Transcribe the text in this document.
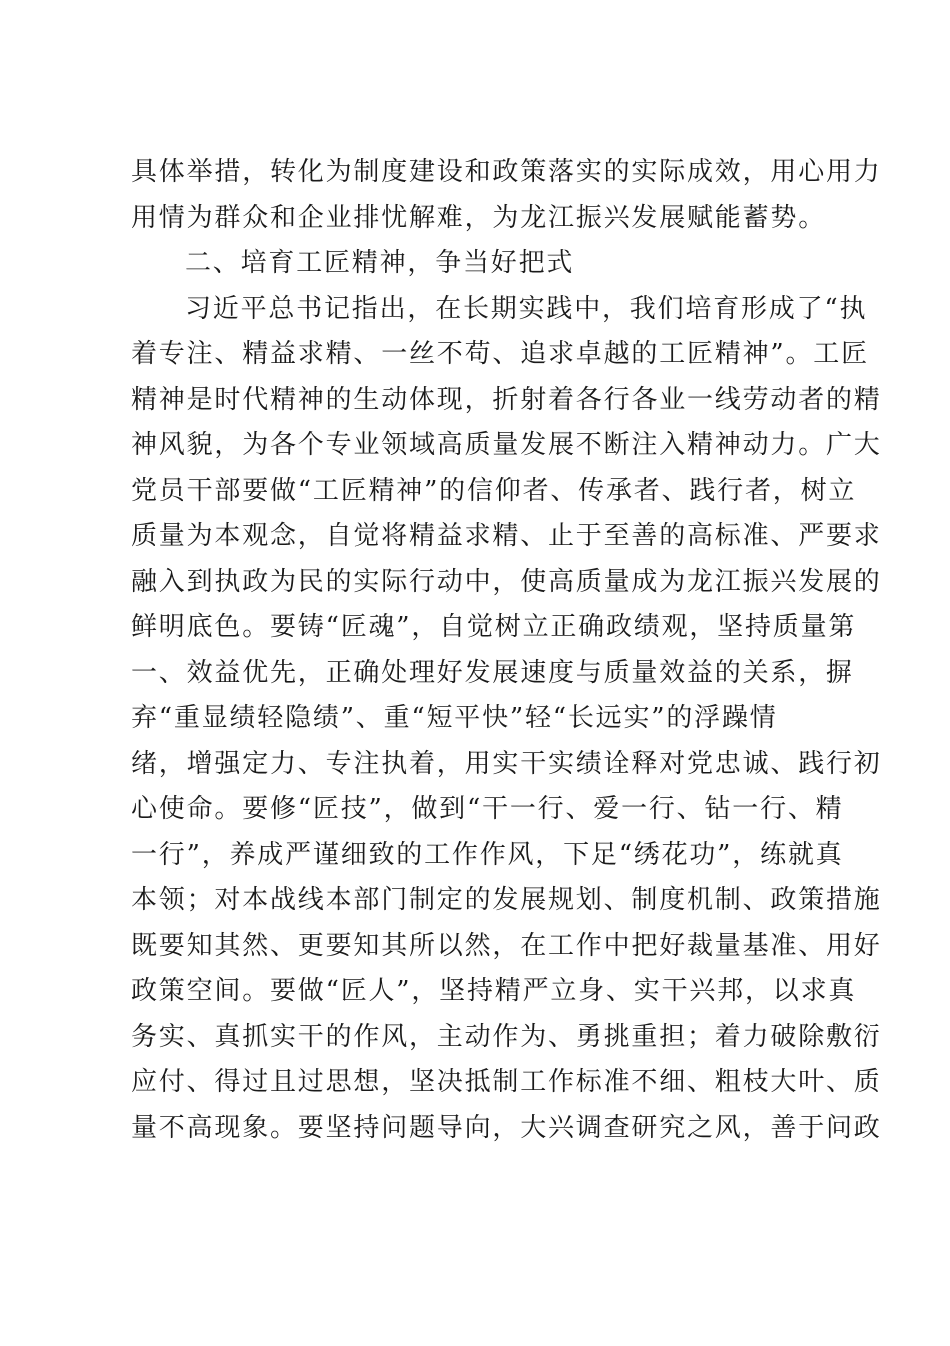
具体举措，转化为制度建设和政策落实的实际成效，用心用力
用情为群众和企业排忧解难，为龙江振兴发展赋能蓄势。
二、培育工匠精神，争当好把式
习近平总书记指出，在长期实践中，我们培育形成了“执
着专注、精益求精、一丝不苟、追求卓越的工匠精神”。工匠
精神是时代精神的生动体现，折射着各行各业一线劳动者的精
神风貌，为各个专业领域高质量发展不断注入精神动力。广大
党员干部要做“工匠精神”的信仰者、传承者、践行者，树立
质量为本观念，自觉将精益求精、止于至善的高标准、严要求
融入到执政为民的实际行动中，使高质量成为龙江振兴发展的
鲜明底色。要铸“匠魂”，自觉树立正确政绩观，坚持质量第
一、效益优先，正确处理好发展速度与质量效益的关系，摒
弃“重显绩轻隐绩”、重“短平快”轻“长远实”的浮躁情
绪，增强定力、专注执着，用实干实绩诠释对党忠诚、践行初
心使命。要修“匠技”，做到“干一行、爱一行、钻一行、精
一行”，养成严谨细致的工作作风，下足“绣花功”，练就真
本领；对本战线本部门制定的发展规划、制度机制、政策措施
既要知其然、更要知其所以然，在工作中把好裁量基准、用好
政策空间。要做“匠人”，坚持精严立身、实干兴邦，以求真
务实、真抓实干的作风，主动作为、勇挑重担；着力破除敷衍
应付、得过且过思想，坚决抵制工作标准不细、粗枝大叶、质
量不高现象。要坚持问题导向，大兴调查研究之风，善于问政
